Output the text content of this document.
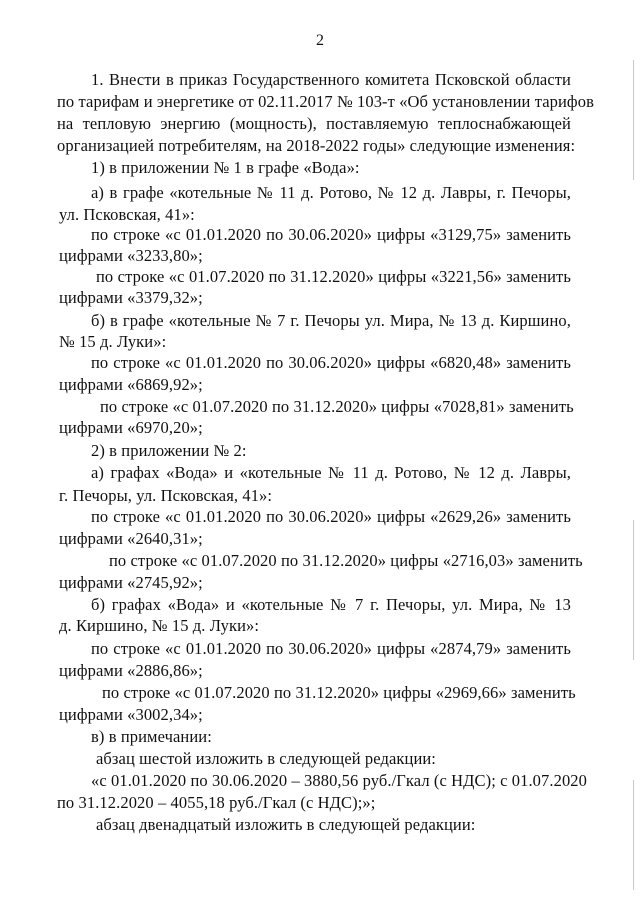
2
1. Внести в приказ Государственного комитета Псковской области
по тарифам и энергетике от 02.11.2017 № 103-т «Об установлении тарифов
на тепловую энергию (мощность), поставляемую теплоснабжающей
организацией потребителям, на 2018-2022 годы» следующие изменения:
1) в приложении № 1 в графе «Вода»:
а) в графе «котельные № 11 д. Ротово, № 12 д. Лавры, г. Печоры,
ул. Псковская, 41»:
по строке «с 01.01.2020 по 30.06.2020» цифры «3129,75» заменить
цифрами «3233,80»;
по строке «с 01.07.2020 по 31.12.2020» цифры «3221,56» заменить
цифрами «3379,32»;
б) в графе «котельные № 7 г. Печоры ул. Мира, № 13 д. Киршино,
№ 15 д. Луки»:
по строке «с 01.01.2020 по 30.06.2020» цифры «6820,48» заменить
цифрами «6869,92»;
по строке «с 01.07.2020 по 31.12.2020» цифры «7028,81» заменить
цифрами «6970,20»;
2) в приложении № 2:
а) графах «Вода» и «котельные № 11 д. Ротово, № 12 д. Лавры,
г. Печоры, ул. Псковская, 41»:
по строке «с 01.01.2020 по 30.06.2020» цифры «2629,26» заменить
цифрами «2640,31»;
по строке «с 01.07.2020 по 31.12.2020» цифры «2716,03» заменить
цифрами «2745,92»;
б) графах «Вода» и «котельные № 7 г. Печоры, ул. Мира, № 13
д. Киршино, № 15 д. Луки»:
по строке «с 01.01.2020 по 30.06.2020» цифры «2874,79» заменить
цифрами «2886,86»;
по строке «с 01.07.2020 по 31.12.2020» цифры «2969,66» заменить
цифрами «3002,34»;
в) в примечании:
абзац шестой изложить в следующей редакции:
«с 01.01.2020 по 30.06.2020 – 3880,56 руб./Гкал (с НДС); с 01.07.2020
по 31.12.2020 – 4055,18 руб./Гкал (с НДС);»;
абзац двенадцатый изложить в следующей редакции:
